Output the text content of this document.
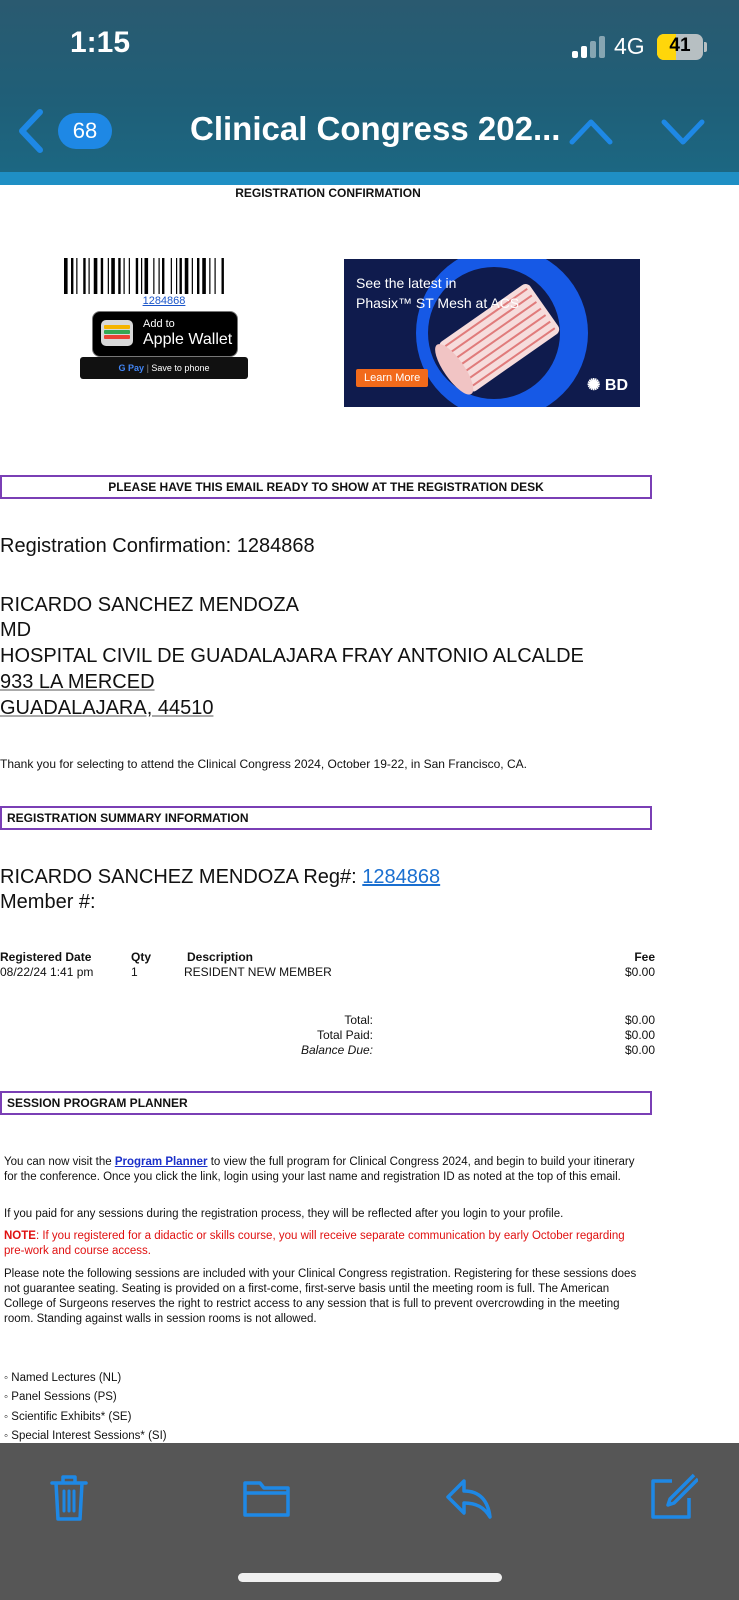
1:15	4G	41
68	Clinical Congress 202...
REGISTRATION CONFIRMATION
1284868
Add to
Apple Wallet
G Pay | Save to phone
See the latest in
Phasix™ ST Mesh at ACS
Learn More	✺ BD
PLEASE HAVE THIS EMAIL READY TO SHOW AT THE REGISTRATION DESK
Registration Confirmation: 1284868
RICARDO SANCHEZ MENDOZA
MD
HOSPITAL CIVIL DE GUADALAJARA FRAY ANTONIO ALCALDE
933 LA MERCED
GUADALAJARA, 44510
Thank you for selecting to attend the Clinical Congress 2024, October 19-22, in San Francisco, CA.
REGISTRATION SUMMARY INFORMATION
RICARDO SANCHEZ MENDOZA Reg#: 1284868
Member #:
Registered Date	Qty	Description	Fee
08/22/24 1:41 pm	1	RESIDENT NEW MEMBER	$0.00
Total:	$0.00
Total Paid:	$0.00
Balance Due:	$0.00
SESSION PROGRAM PLANNER
You can now visit the Program Planner to view the full program for Clinical Congress 2024, and begin to build your itinerary for the conference. Once you click the link, login using your last name and registration ID as noted at the top of this email.
If you paid for any sessions during the registration process, they will be reflected after you login to your profile.
NOTE: If you registered for a didactic or skills course, you will receive separate communication by early October regarding pre-work and course access.
Please note the following sessions are included with your Clinical Congress registration. Registering for these sessions does not guarantee seating. Seating is provided on a first-come, first-serve basis until the meeting room is full. The American College of Surgeons reserves the right to restrict access to any session that is full to prevent overcrowding in the meeting room. Standing against walls in session rooms is not allowed.
◦ Named Lectures (NL)
◦ Panel Sessions (PS)
◦ Scientific Exhibits* (SE)
◦ Special Interest Sessions* (SI)
